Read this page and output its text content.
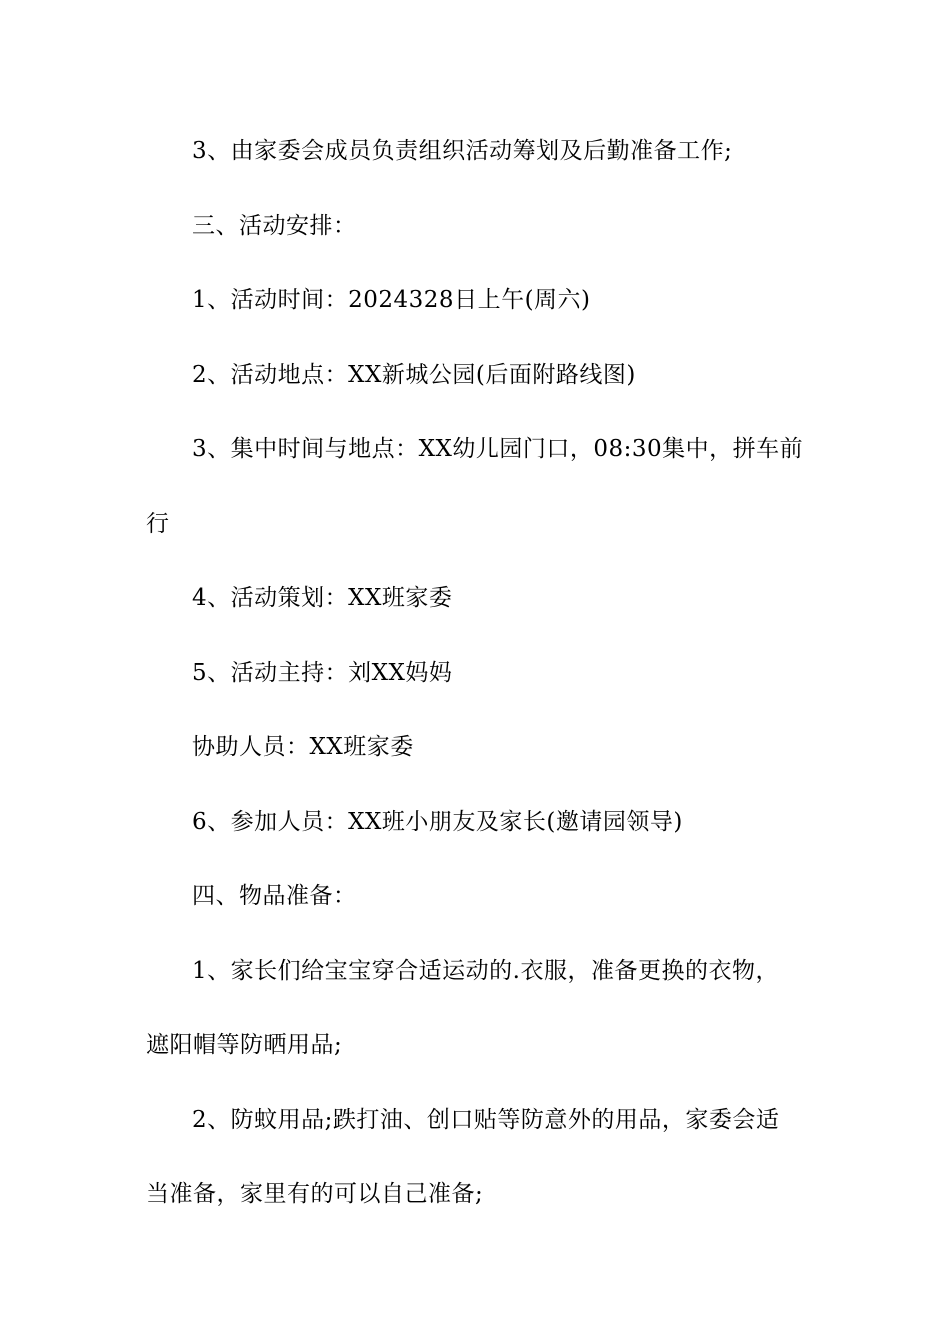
3、由家委会成员负责组织活动筹划及后勤准备工作;
三、活动安排：
1、活动时间：2024328日上午(周六)
2、活动地点：XX新城公园(后面附路线图)
3、集中时间与地点：XX幼儿园门口，08:30集中，拼车前
行
4、活动策划：XX班家委
5、活动主持：刘XX妈妈
协助人员：XX班家委
6、参加人员：XX班小朋友及家长(邀请园领导)
四、物品准备：
1、家长们给宝宝穿合适运动的.衣服，准备更换的衣物，
遮阳帽等防晒用品;
2、防蚊用品;跌打油、创口贴等防意外的用品，家委会适
当准备，家里有的可以自己准备;
